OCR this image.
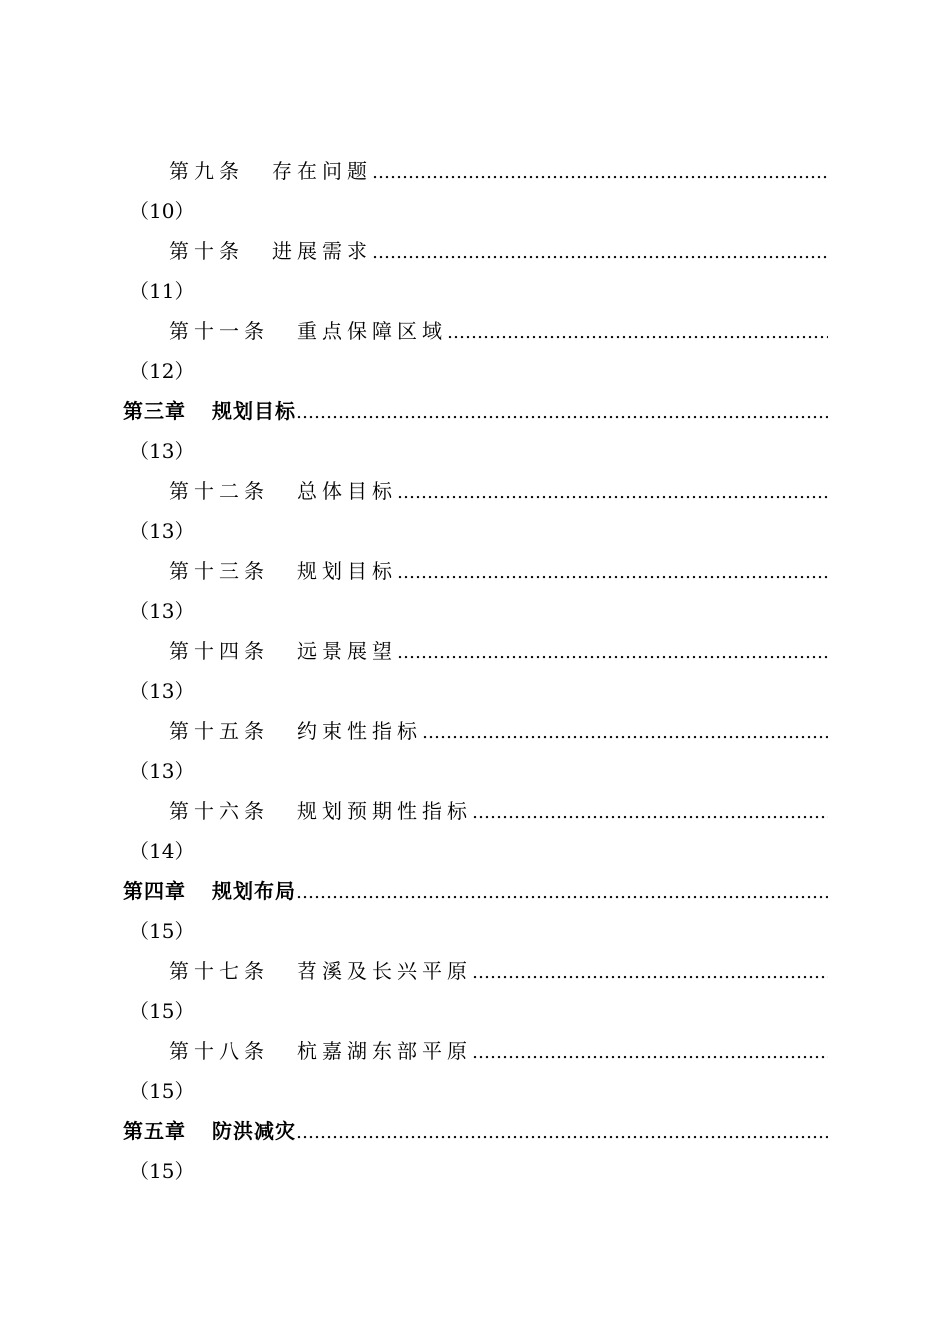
第九条 存在问题
…………………………………………………………………………………………………………………………………………………………
（10）
第十条 进展需求
…………………………………………………………………………………………………………………………………………………………
（11）
第十一条 重点保障区域
…………………………………………………………………………………………………………………………………………………………
（12）
第三章 规划目标
…………………………………………………………………………………………………………………………………………………………
（13）
第十二条 总体目标
…………………………………………………………………………………………………………………………………………………………
（13）
第十三条 规划目标
…………………………………………………………………………………………………………………………………………………………
（13）
第十四条 远景展望
…………………………………………………………………………………………………………………………………………………………
（13）
第十五条 约束性指标
…………………………………………………………………………………………………………………………………………………………
（13）
第十六条 规划预期性指标
…………………………………………………………………………………………………………………………………………………………
（14）
第四章 规划布局
…………………………………………………………………………………………………………………………………………………………
（15）
第十七条 苕溪及长兴平原
…………………………………………………………………………………………………………………………………………………………
（15）
第十八条 杭嘉湖东部平原
…………………………………………………………………………………………………………………………………………………………
（15）
第五章 防洪减灾
…………………………………………………………………………………………………………………………………………………………
（15）
